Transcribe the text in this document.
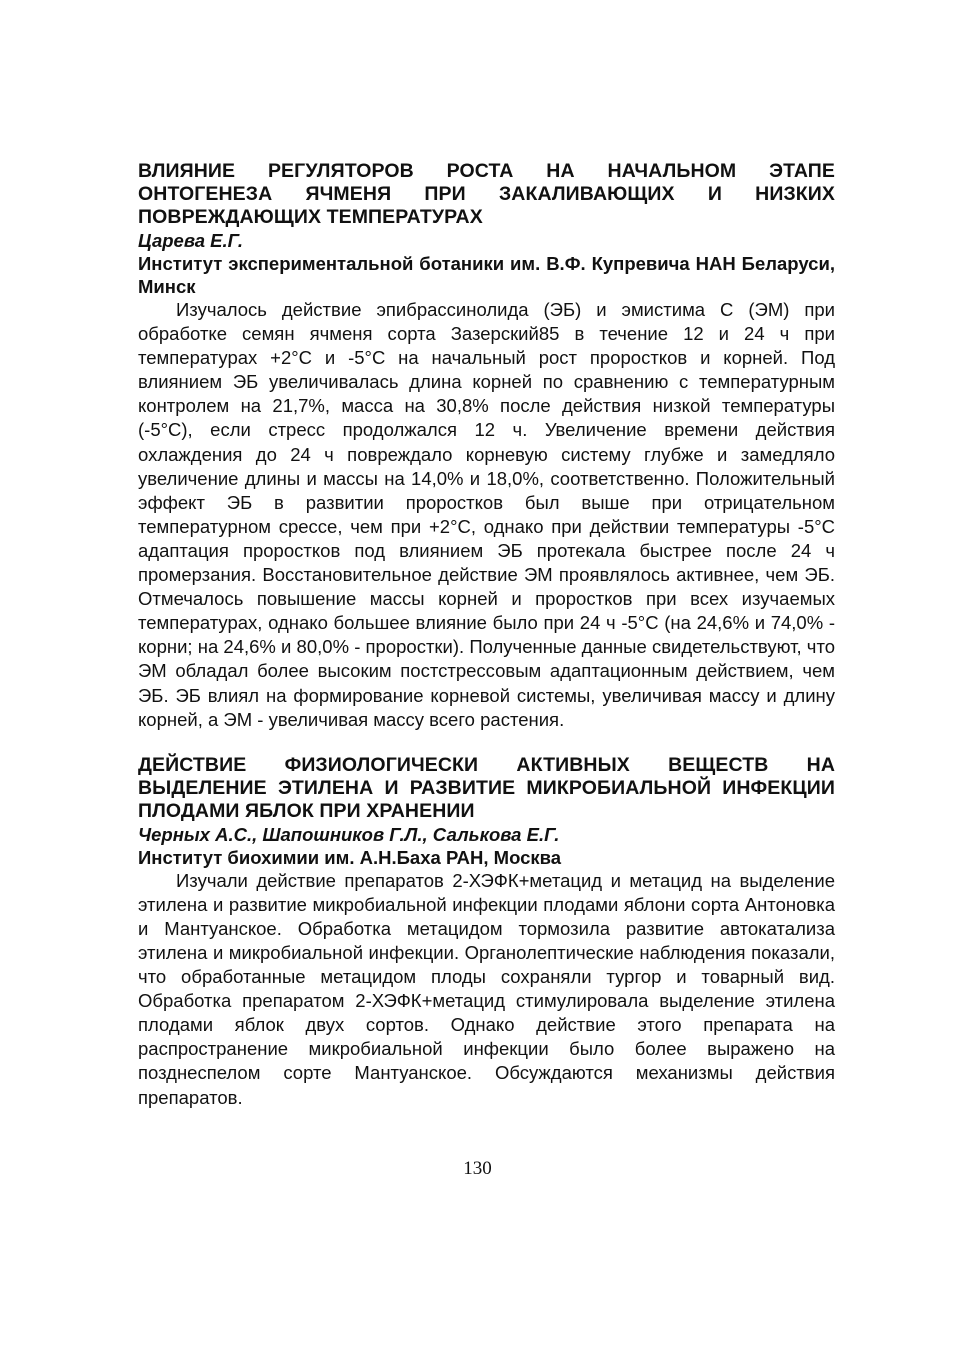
ВЛИЯНИЕ РЕГУЛЯТОРОВ РОСТА НА НАЧАЛЬНОМ ЭТАПЕ ОНТОГЕНЕЗА ЯЧМЕНЯ ПРИ ЗАКАЛИВАЮЩИХ И НИЗКИХ ПОВРЕЖДАЮЩИХ ТЕМПЕРАТУРАХ

Царева Е.Г.

Институт экспериментальной ботаники им. В.Ф. Купревича НАН Беларуси, Минск

Изучалось действие эпибрассинолида (ЭБ) и эмистима С (ЭМ) при обработке семян ячменя сорта Зазерский85 в течение 12 и 24 ч при температурах +2°С и -5°С на начальный рост проростков и корней. Под влиянием ЭБ увеличивалась длина корней по сравнению с температурным контролем на 21,7%, масса на 30,8% после действия низкой температуры (-5°С), если стресс продолжался 12 ч. Увеличение времени действия охлаждения до 24 ч повреждало корневую систему глубже и замедляло увеличение длины и массы на 14,0% и 18,0%, соответственно. Положительный эффект ЭБ в развитии проростков был выше при отрицательном температурном срессе, чем при +2°С, однако при действии температуры -5°С адаптация проростков под влиянием ЭБ протекала быстрее после 24 ч промерзания. Восстановительное действие ЭМ проявлялось активнее, чем ЭБ. Отмечалось повышение массы корней и проростков при всех изучаемых температурах, однако большее влияние было при 24 ч -5°С (на 24,6% и 74,0% - корни; на 24,6% и 80,0% - проростки). Полученные данные свидетельствуют, что ЭМ обладал более высоким постстрессовым адаптационным действием, чем ЭБ. ЭБ влиял на формирование корневой системы, увеличивая массу и длину корней, а ЭМ - увеличивая массу всего растения.

ДЕЙСТВИЕ ФИЗИОЛОГИЧЕСКИ АКТИВНЫХ ВЕЩЕСТВ НА ВЫДЕЛЕНИЕ ЭТИЛЕНА И РАЗВИТИЕ МИКРОБИАЛЬНОЙ ИНФЕКЦИИ ПЛОДАМИ ЯБЛОК ПРИ ХРАНЕНИИ

Черных А.С., Шапошников Г.Л., Салькова Е.Г.

Институт биохимии им. А.Н.Баха РАН, Москва

Изучали действие препаратов 2-ХЭФК+метацид и метацид на выделение этилена и развитие микробиальной инфекции плодами яблони сорта Антоновка и Мантуанское. Обработка метацидом тормозила развитие автокатализа этилена и микробиальной инфекции. Органолептические наблюдения показали, что обработанные метацидом плоды сохраняли тургор и товарный вид. Обработка препаратом 2-ХЭФК+метацид стимулировала выделение этилена плодами яблок двух сортов. Однако действие этого препарата на распространение микробиальной инфекции было более выражено на позднеспелом сорте Мантуанское. Обсуждаются механизмы действия препаратов.

130
